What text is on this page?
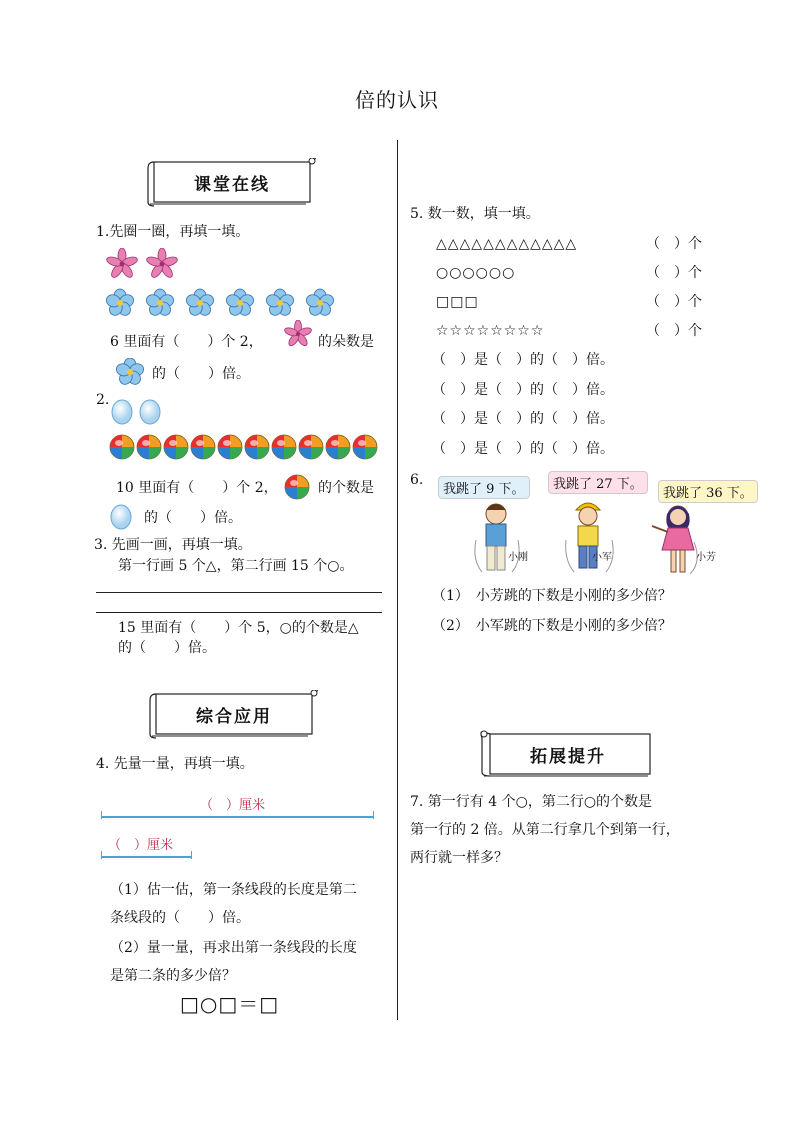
倍的认识
课堂在线
1.先圈一圈，再填一填。
6 里面有（　　）个 2，	的朵数是
的（　　）倍。
2.
10 里面有（　　）个 2，	的个数是
的（　　）倍。
3. 先画一画，再填一填。
第一行画 5 个△，第二行画 15 个○。
15 里面有（　　）个 5，○的个数是△
的（　　）倍。
综合应用
4. 先量一量，再填一填。
（　）厘米
（　）厘米
（1）估一估，第一条线段的长度是第二
条线段的（　　）倍。
（2）量一量，再求出第一条线段的长度
是第二条的多少倍？
□○□＝□
5. 数一数，填一填。
△△△△△△△△△△△△	（　）个
○○○○○○	（　）个
□□□	（　）个
☆☆☆☆☆☆☆☆	（　）个
（　）是（　）的（　）倍。
（　）是（　）的（　）倍。
（　）是（　）的（　）倍。
（　）是（　）的（　）倍。
6.
我跳了 9 下。	我跳了 27 下。
我跳了 36 下。
小刚	小军	小芳
（1）　小芳跳的下数是小刚的多少倍？
（2）　小军跳的下数是小刚的多少倍？
拓展提升
7. 第一行有 4 个○，第二行○的个数是
第一行的 2 倍。从第二行拿几个到第一行，
两行就一样多？
